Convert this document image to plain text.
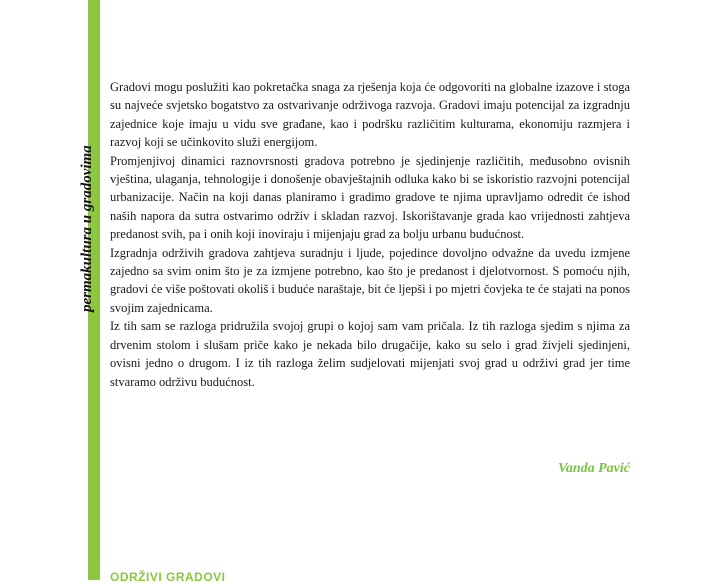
permakultura u gradovima

Gradovi mogu poslužiti kao pokretačka snaga za rješenja koja će odgovoriti na globalne izazove i stoga su najveće svjetsko bogatstvo za ostvarivanje održivoga razvoja. Gradovi imaju potencijal za izgradnju zajednice koje imaju u vidu sve građane, kao i podršku različitim kulturama, ekonomiju razmjera i razvoj koji se učinkovito služi energijom.

Promjenjivoj dinamici raznovrsnosti gradova potrebno je sjedinjenje različitih, međusobno ovisnih vještina, ulaganja, tehnologije i donošenje obavještajnih odluka kako bi se iskoristio razvojni potencijal urbanizacije. Način na koji danas planiramo i gradimo gradove te njima upravljamo odredit će ishod naših napora da sutra ostvarimo održiv i skladan razvoj. Iskorištavanje grada kao vrijednosti zahtjeva predanost svih, pa i onih koji inoviraju i mijenjaju grad za bolju urbanu budućnost.

Izgradnja održivih gradova zahtjeva suradnju i ljude, pojedince dovoljno odvažne da uvedu izmjene zajedno sa svim onim što je za izmjene potrebno, kao što je predanost i djelotvornost. S pomoću njih, gradovi će više poštovati okoliš i buduće naraštaje, bit će ljepši i po mjetri čovjeka te će stajati na ponos svojim zajednicama.

Iz tih sam se razloga pridružila svojoj grupi o kojoj sam vam pričala. Iz tih razloga sjedim s njima za drvenim stolom i slušam priče kako je nekada bilo drugačije, kako su selo i grad živjeli sjedinjeni, ovisni jedno o drugom. I iz tih razloga želim sudjelovati mijenjati svoj grad u održivi grad jer time stvaramo održivu budućnost.

Vanda Pavić
ODRŽIVI GRADOVI
